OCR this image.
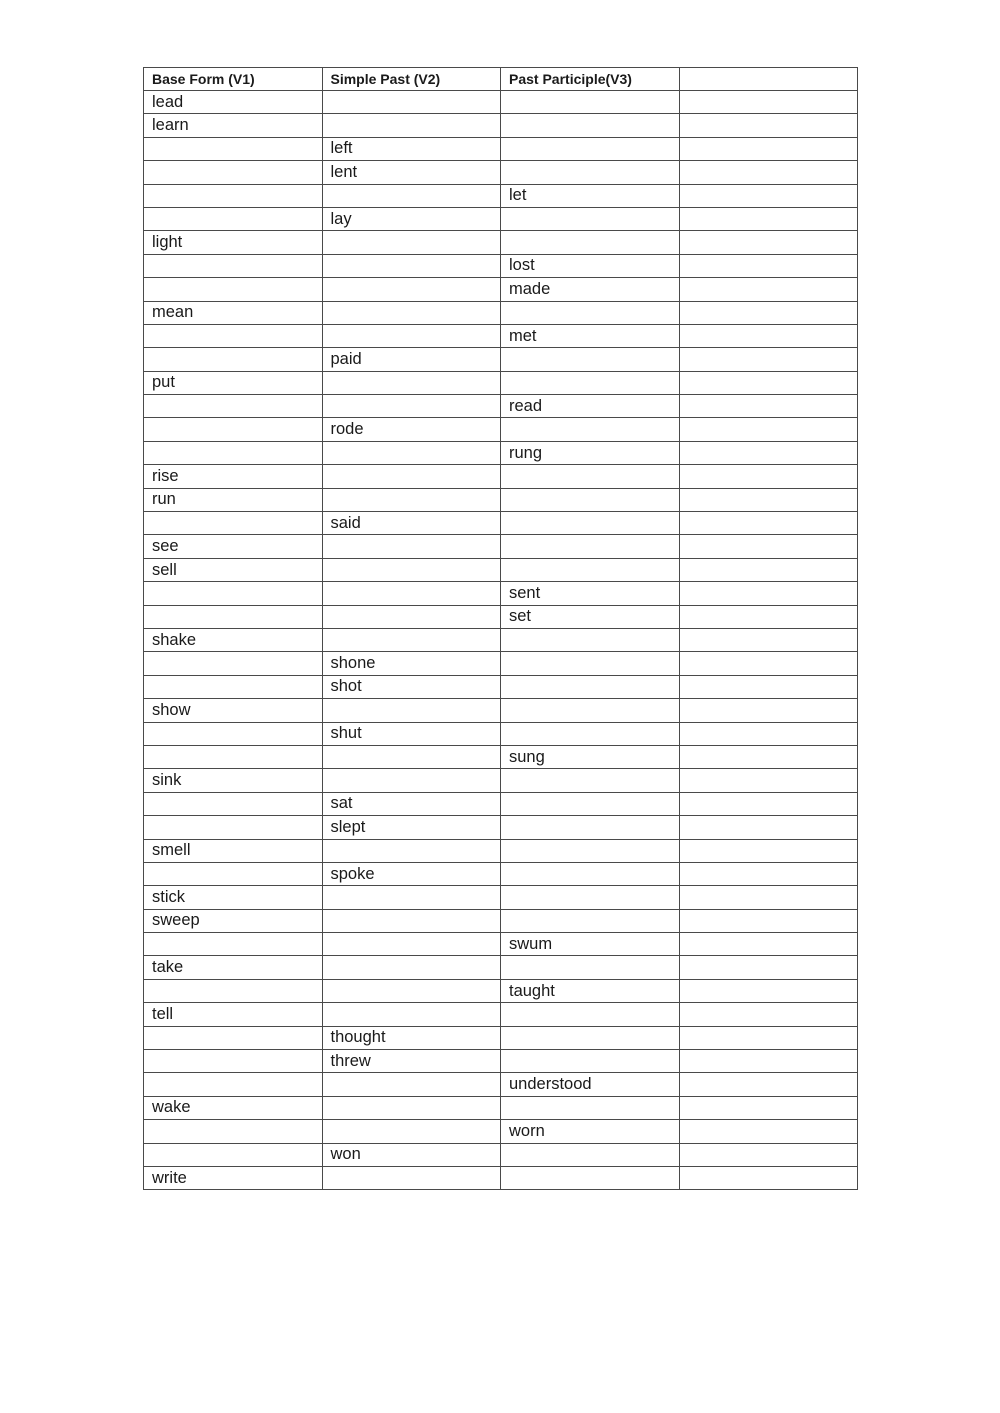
Base Form (V1)	Simple Past (V2)	Past Participle(V3)	
lead			
learn			
	left		
	lent		
		let	
	lay		
light			
		lost	
		made	
mean			
		met	
	paid		
put			
		read	
	rode		
		rung	
rise			
run			
	said		
see			
sell			
		sent	
		set	
shake			
	shone		
	shot		
show			
	shut		
		sung	
sink			
	sat		
	slept		
smell			
	spoke		
stick			
sweep			
		swum	
take			
		taught	
tell			
	thought		
	threw		
		understood	
wake			
		worn	
	won		
write			
